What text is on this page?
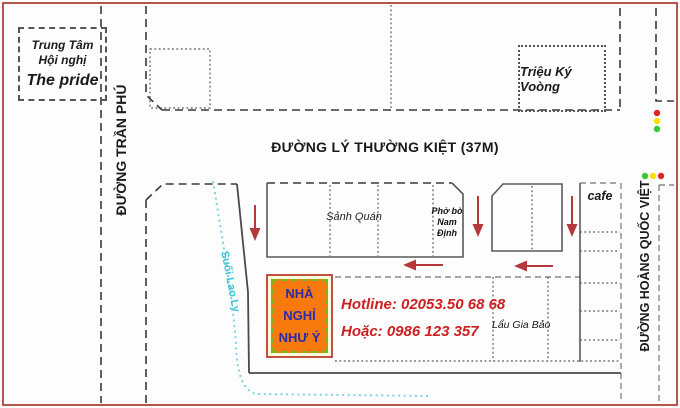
Trung Tâm
Hội nghị
The pride
ĐƯỜNG TRẦN PHÚ	ĐƯỜNG LÝ THƯỜNG KIỆT (37M)
ĐƯỜNG HOÀNG QUỐC VIỆT
Triệu Ký Voòng
Sảnh Quán	Phở bò
Nam Định
cafe
Lẩu Gia Bảo
NHÀ
NGHỈ
NHƯ Ý
Hotline: 02053.50 68 68
Hoặc: 0986 123 357
Suối Lao Ly
